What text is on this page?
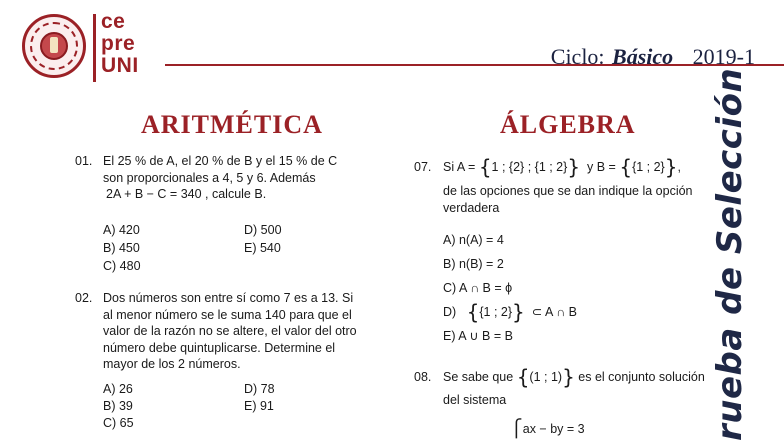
ce
pre
UNI	Ciclo: Básico 2019-1
rueba de Selección
ARITMÉTICA	ÁLGEBRA
01. El 25 % de A, el 20 % de B y el 15 % de C
son proporcionales a 4, 5 y 6. Además
2A + B − C = 340 , calcule B.
A) 420
B) 450
C) 480
D) 500
E) 540
02. Dos números son entre sí como 7 es a 13. Si
al menor número se le suma 140 para que el
valor de la razón no se altere, el valor del otro
número debe quintuplicarse. Determine el
mayor de los 2 números.
A) 26
B) 39
C) 65
D) 78
E) 91
07. Si A = {1 ; {2} ; {1 ; 2}} y B = {{1 ; 2}},
de las opciones que se dan indique la opción
verdadera
A) n(A) = 4
B) n(B) = 2
C) A ∩ B = ϕ
D) {{1 ; 2}} ⊂ A ∩ B
E) A ∪ B = B
08. Se sabe que {(1 ; 1)} es el conjunto solución
del sistema
⎧ax − by = 3
